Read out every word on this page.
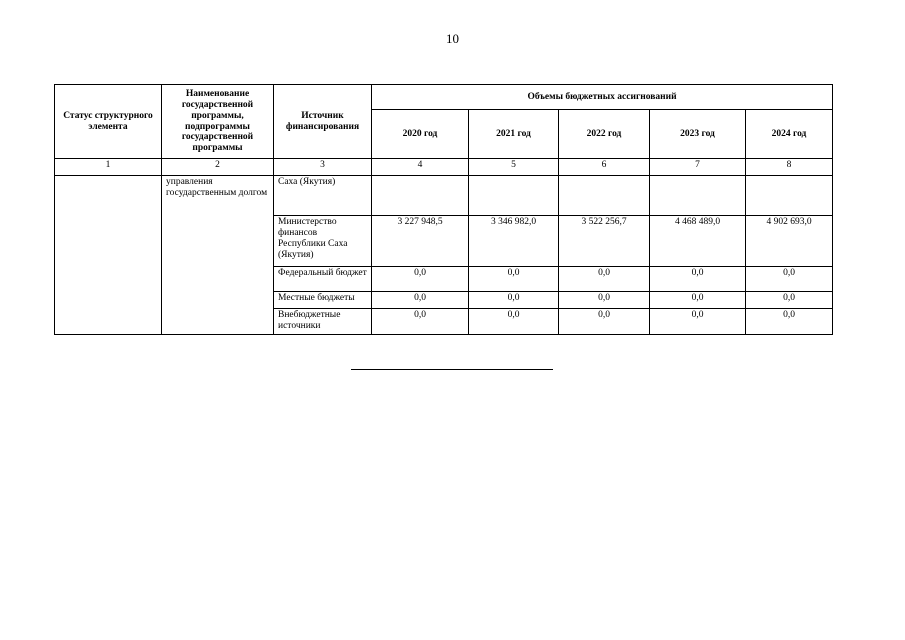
10
Статус структурного элемента	Наименование государственной программы, подпрограммы государственной программы	Источник финансирования	Объемы бюджетных ассигнований				
			2020 год	2021 год	2022 год	2023 год	2024 год
1	2	3	4	5	6	7	8
	управления государственным долгом	Саха (Якутия)					
		Министерство финансов Республики Саха (Якутия)	3 227 948,5	3 346 982,0	3 522 256,7	4 468 489,0	4 902 693,0
		Федеральный бюджет	0,0	0,0	0,0	0,0	0,0
		Местные бюджеты	0,0	0,0	0,0	0,0	0,0
		Внебюджетные источники	0,0	0,0	0,0	0,0	0,0
